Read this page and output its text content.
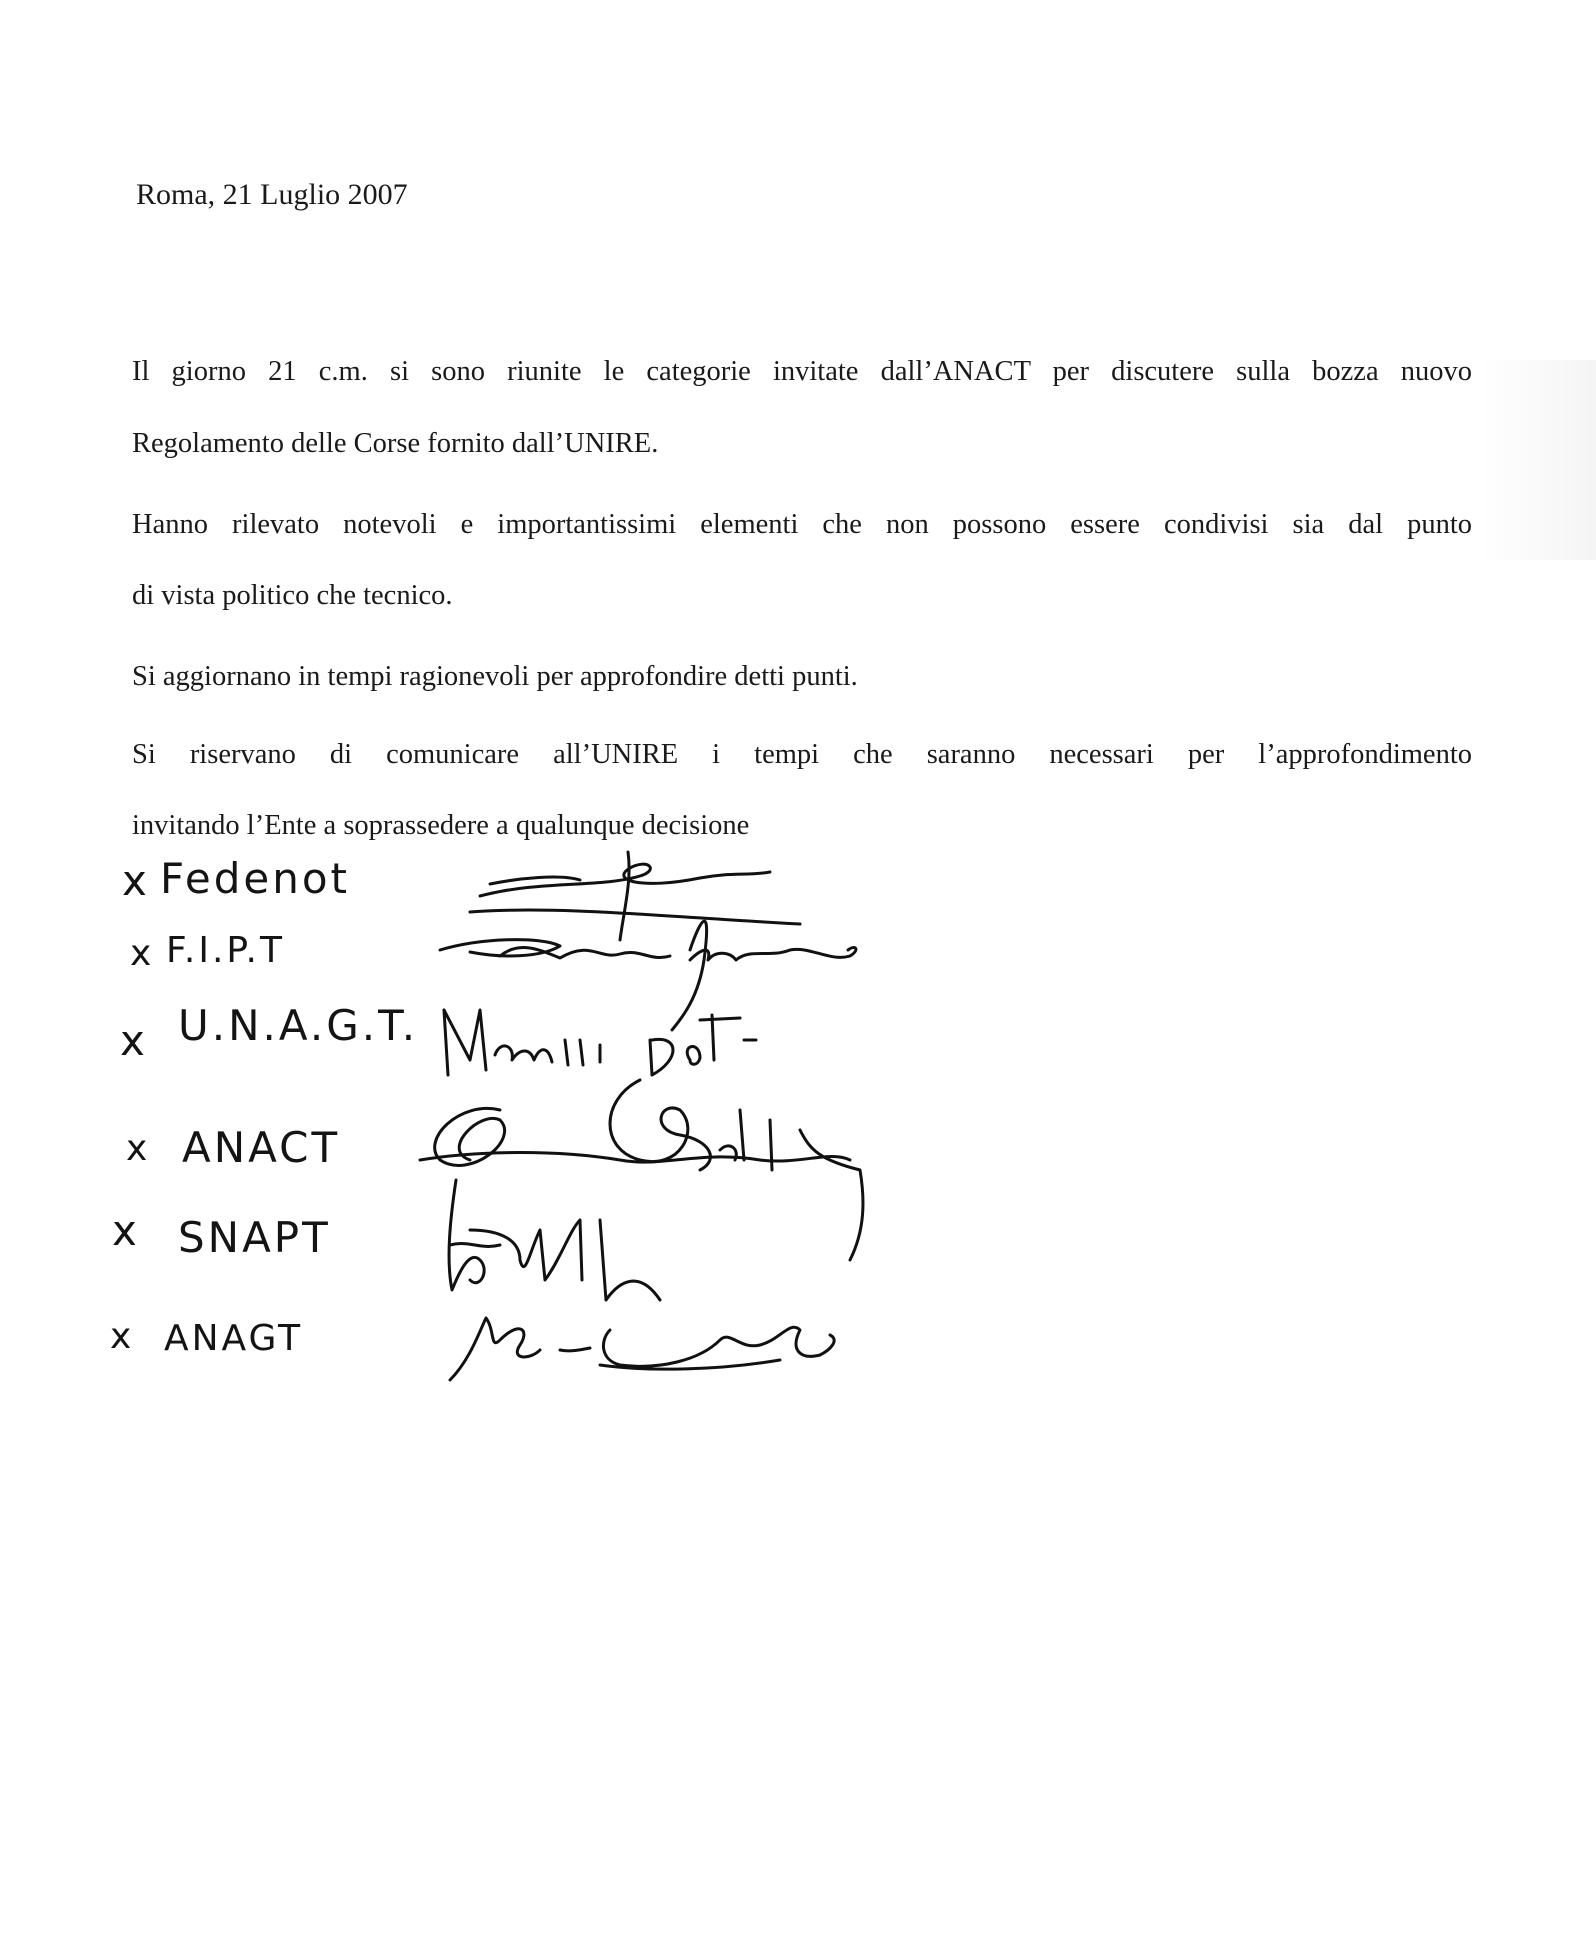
Roma, 21 Luglio 2007
Il giorno 21 c.m. si sono riunite le categorie invitate dall’ANACT per discutere sulla bozza nuovo
Regolamento delle Corse fornito dall’UNIRE.
Hanno rilevato notevoli e importantissimi elementi che non possono essere condivisi sia dal punto
di vista politico che tecnico.
Si aggiornano in tempi ragionevoli per approfondire detti punti.
Si riservano di comunicare all’UNIRE i tempi che saranno necessari per l’approfondimento
invitando l’Ente a soprassedere a qualunque decisione
x Fedenot
x F.I.P.T
x U.N.A.G.T.
x ANACT
x SNAPT
x ANAGT
